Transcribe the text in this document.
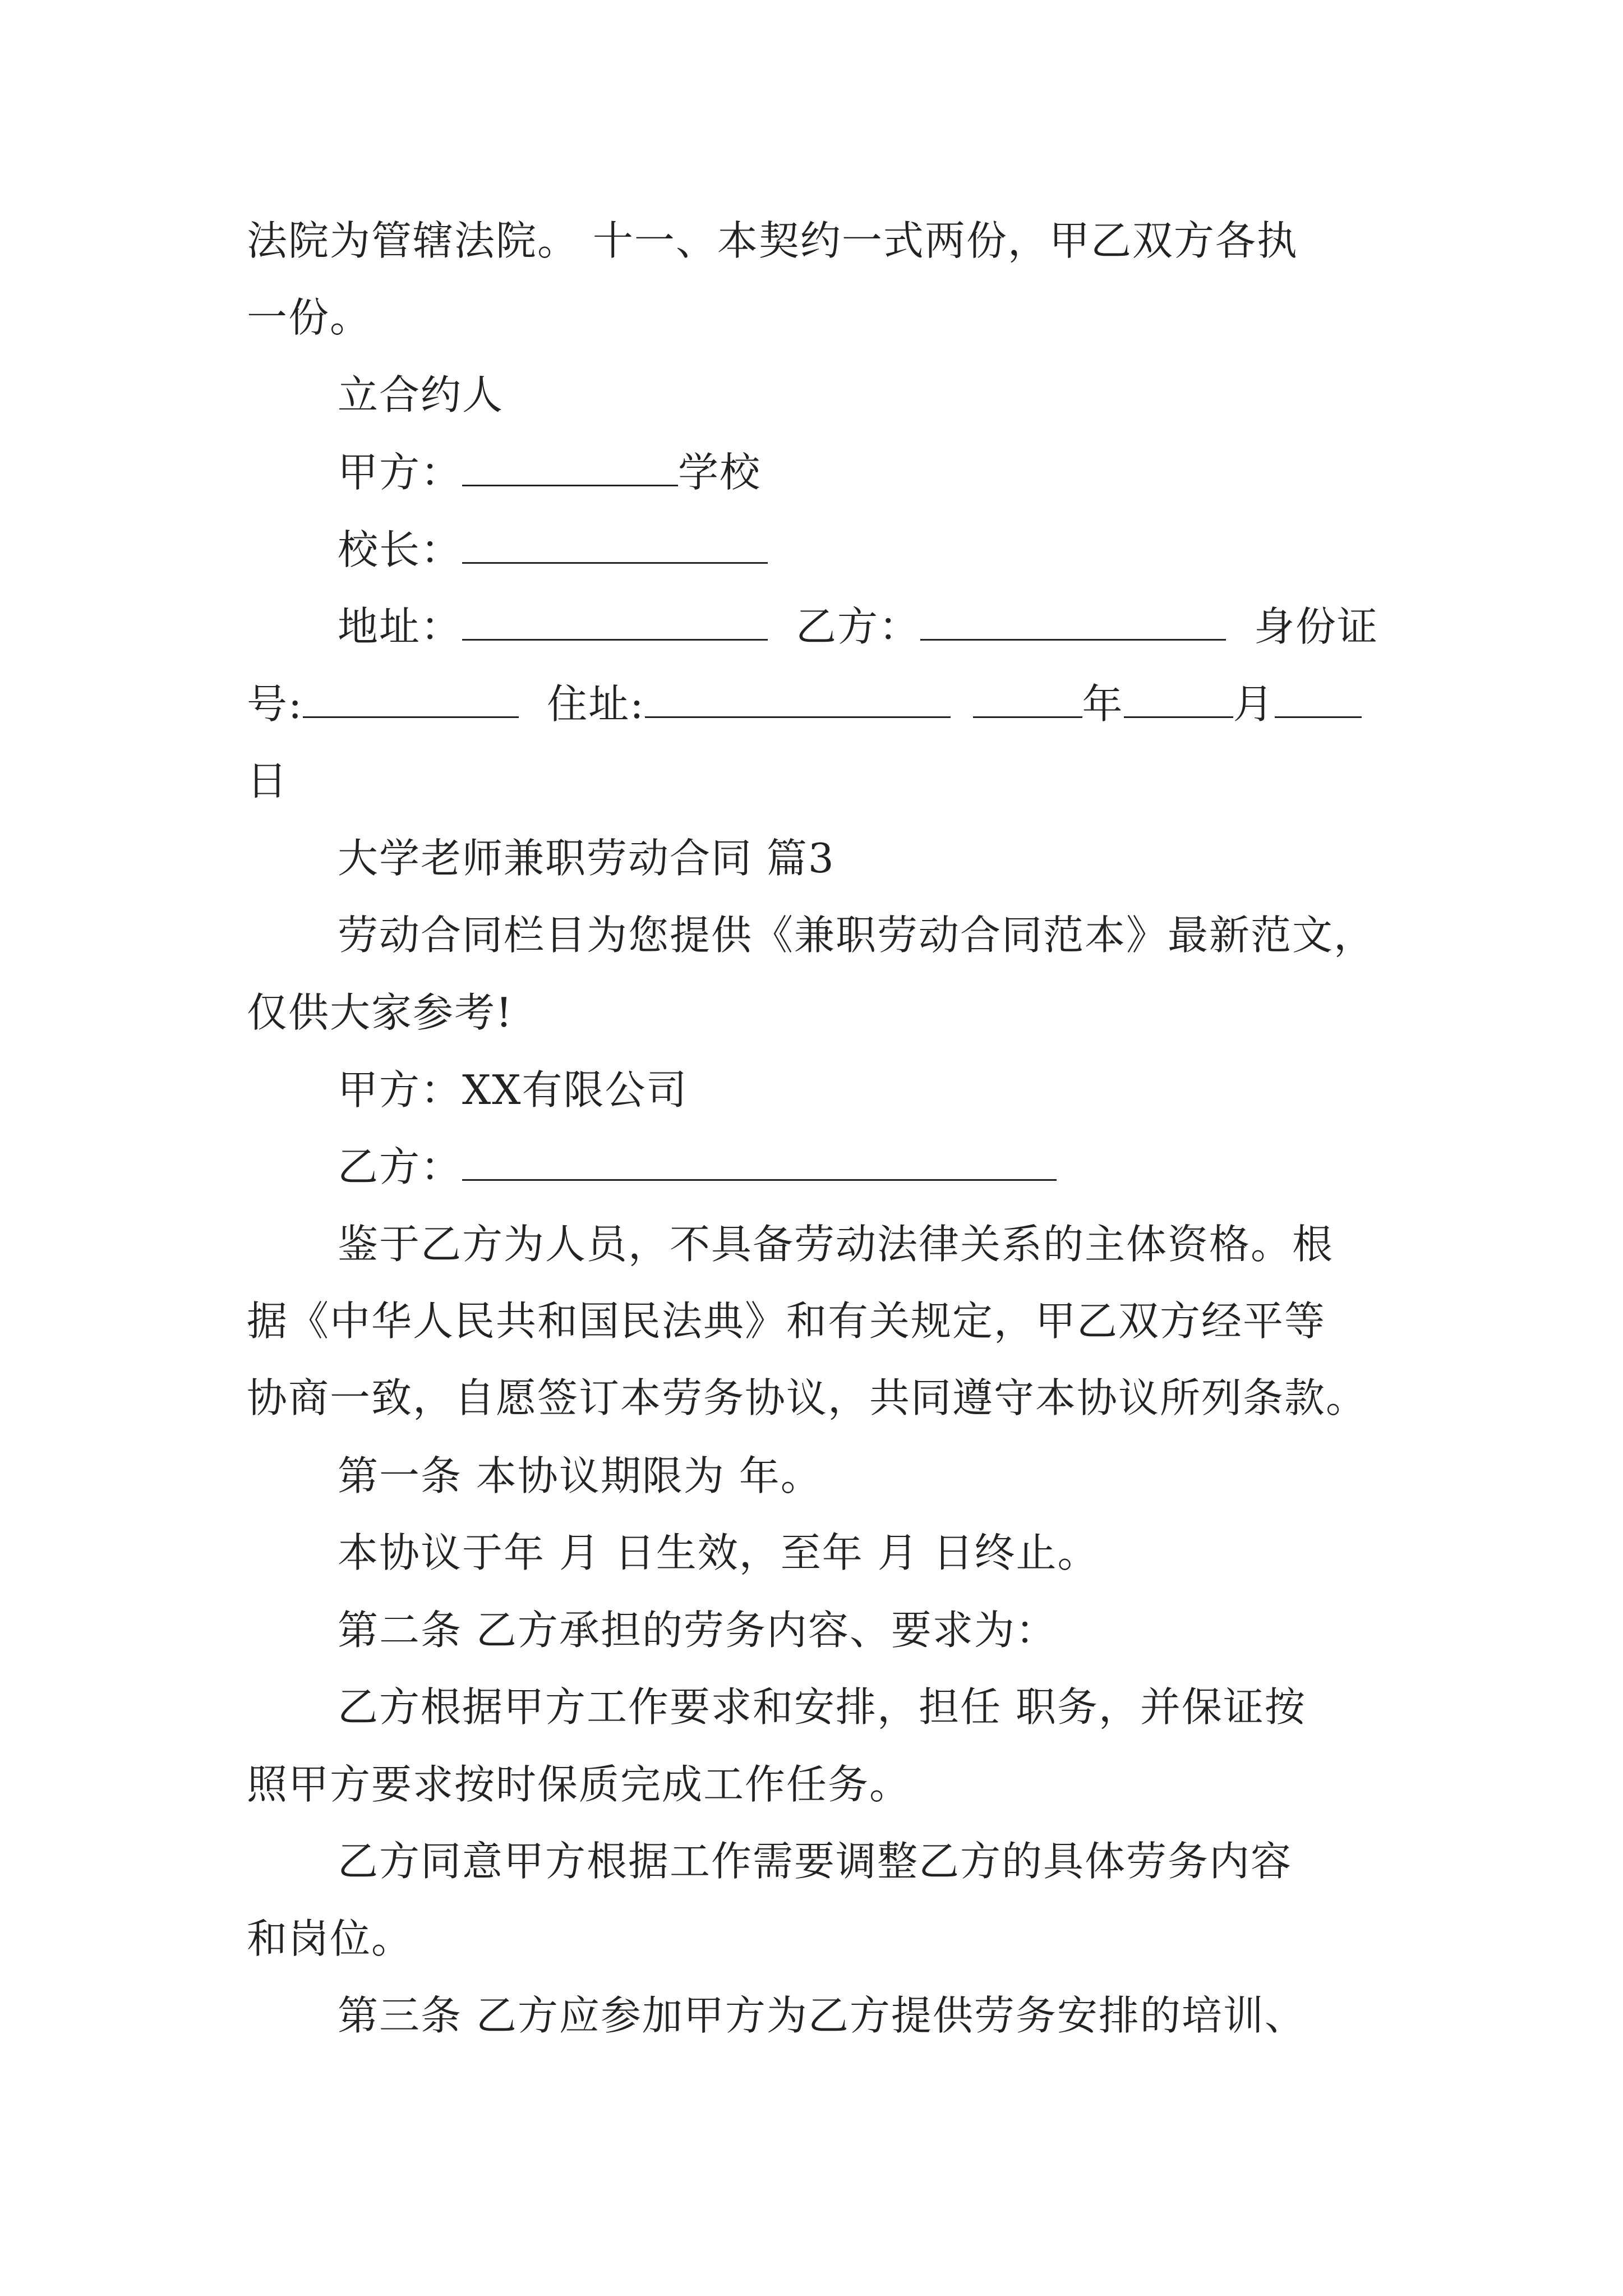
法院为管辖法院。 十一、本契约一式两份，甲乙双方各执
一份。
立合约人
甲方：	学校
校长：
地址：	乙方：	身份证
号:	住址:	年	月
日
大学老师兼职劳动合同 篇3
劳动合同栏目为您提供《兼职劳动合同范本》最新范文，
仅供大家参考!
甲方：XX有限公司
乙方：
鉴于乙方为人员，不具备劳动法律关系的主体资格。根
据《中华人民共和国民法典》和有关规定，甲乙双方经平等
协商一致，自愿签订本劳务协议，共同遵守本协议所列条款。
第一条 本协议期限为 年。
本协议于年 月 日生效，至年 月 日终止。
第二条 乙方承担的劳务内容、要求为：
乙方根据甲方工作要求和安排，担任 职务，并保证按
照甲方要求按时保质完成工作任务。
乙方同意甲方根据工作需要调整乙方的具体劳务内容
和岗位。
第三条 乙方应参加甲方为乙方提供劳务安排的培训、
